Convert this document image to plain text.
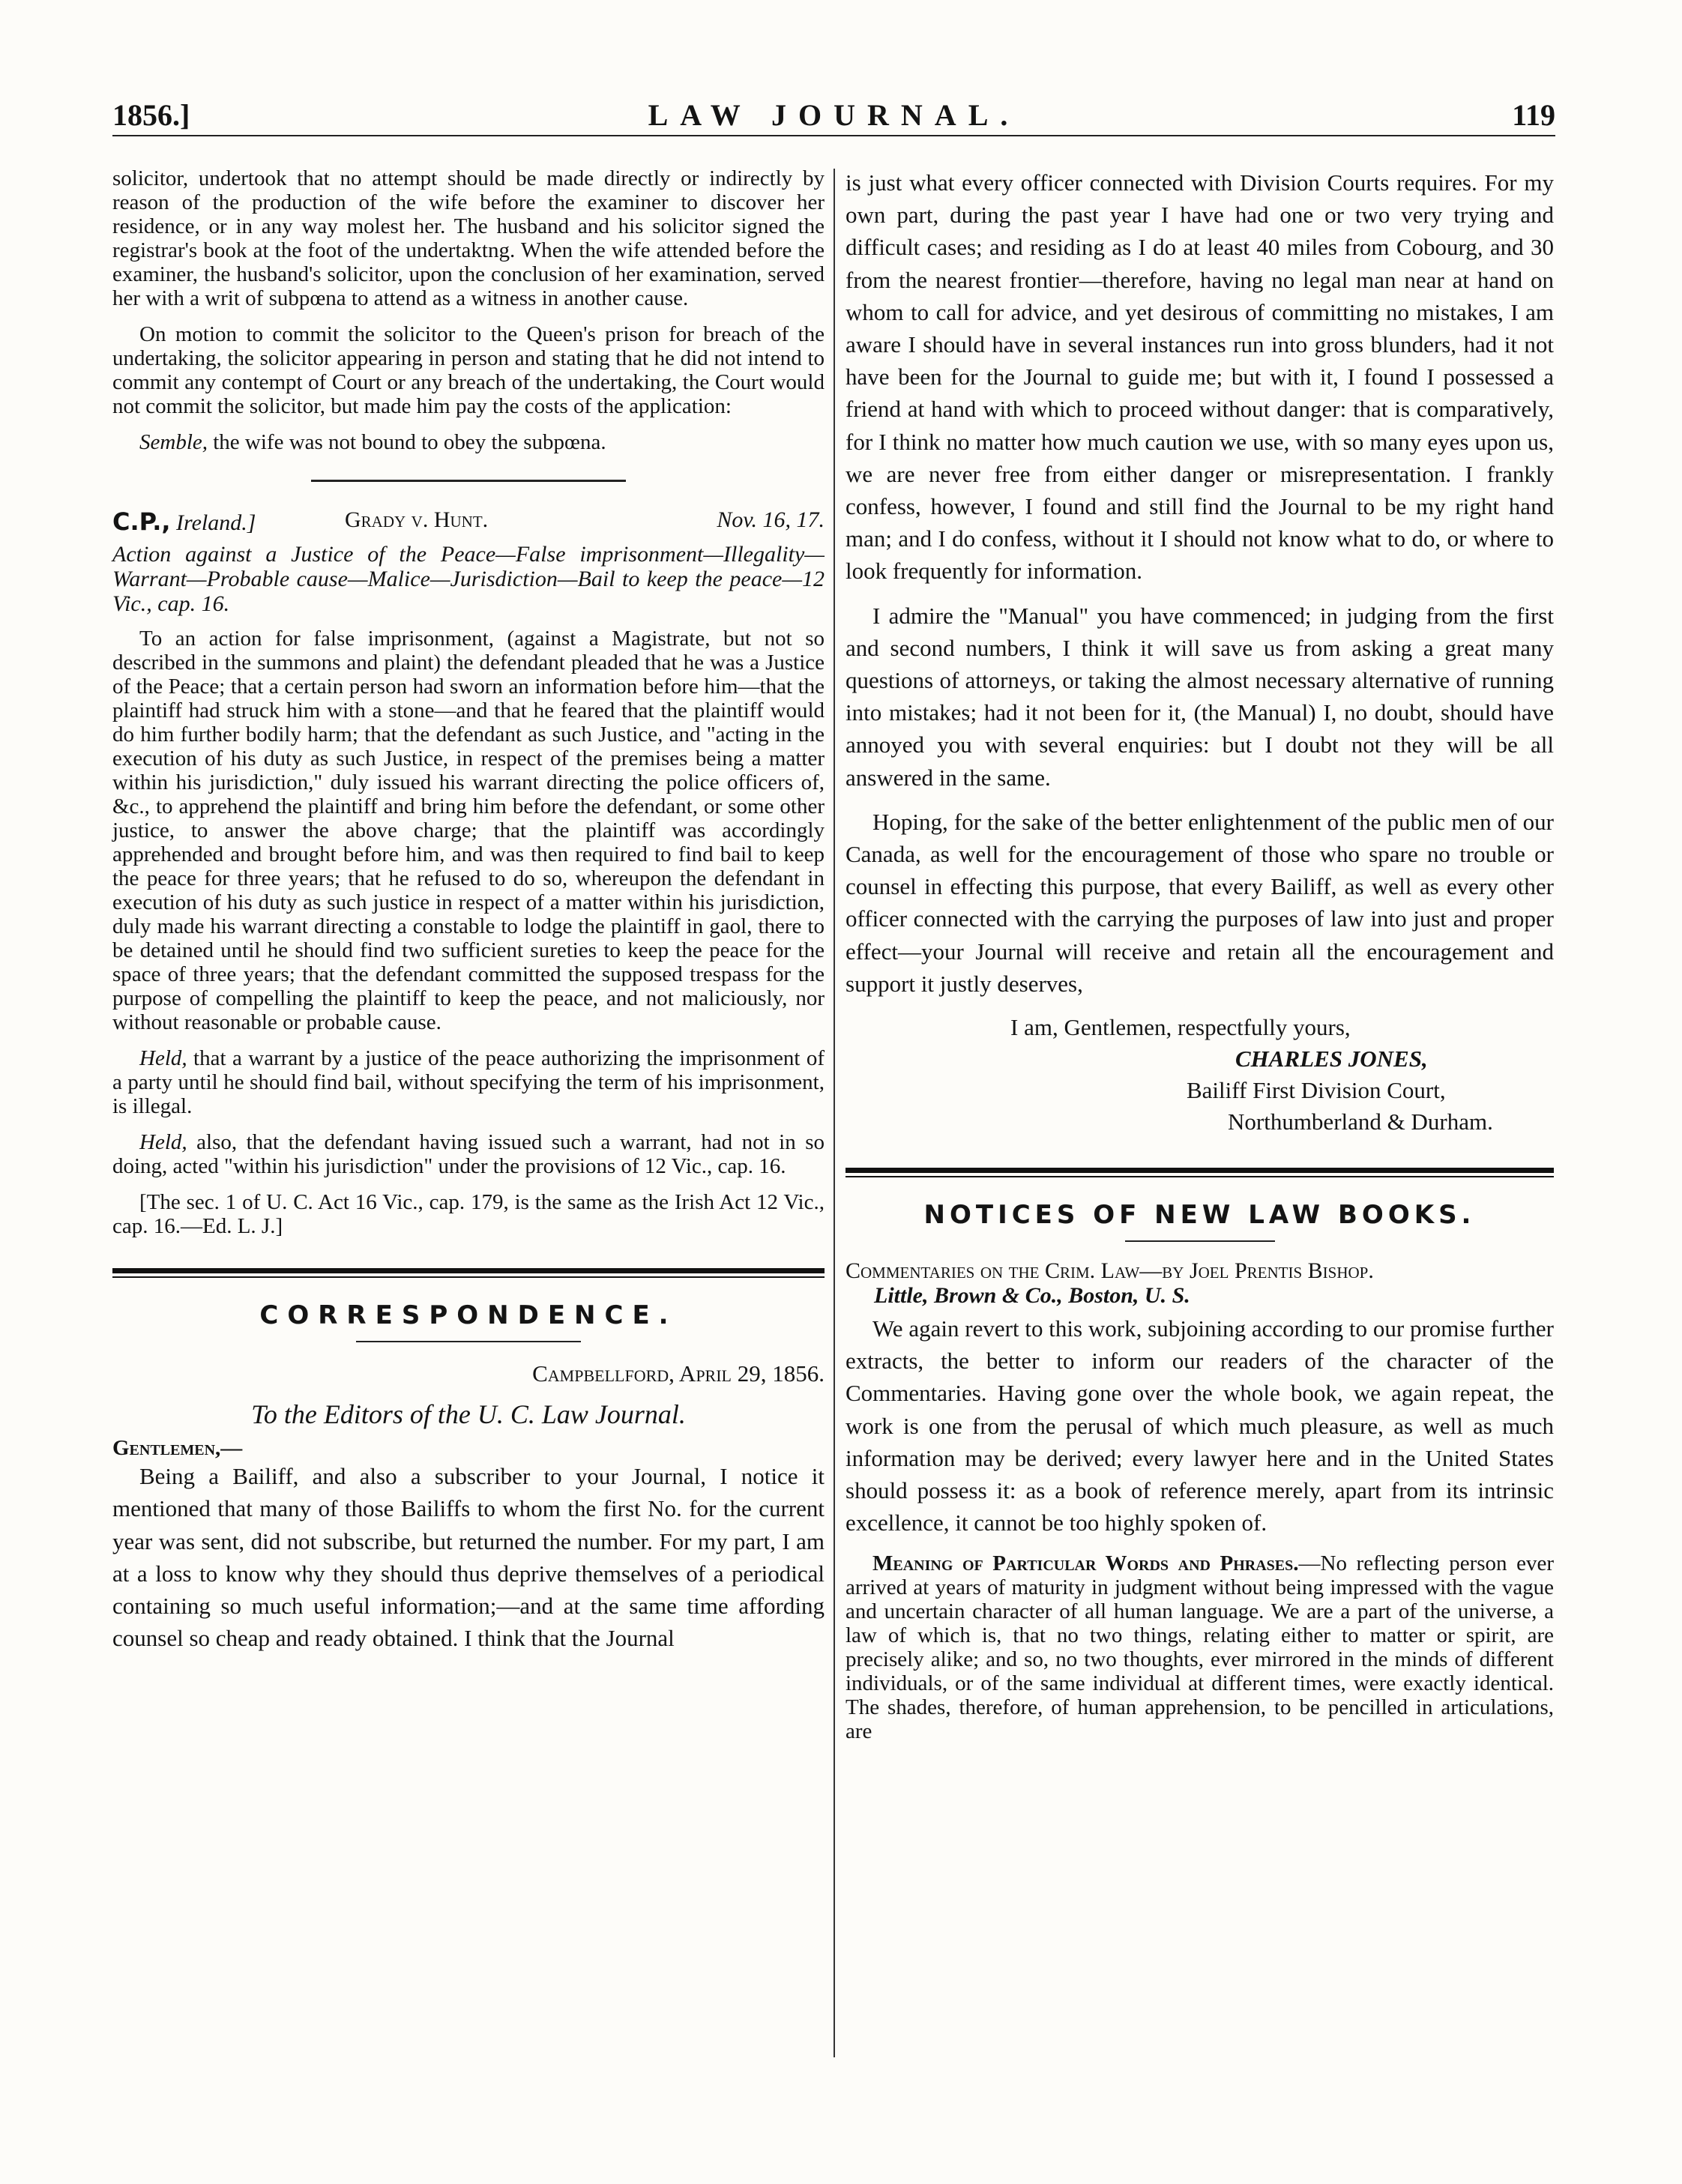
1856.]	LAW JOURNAL.	119

solicitor, undertook that no attempt should be made directly or indirectly by reason of the production of the wife before the examiner to discover her residence, or in any way molest her. The husband and his solicitor signed the registrar's book at the foot of the undertaktng. When the wife attended before the examiner, the husband's solicitor, upon the conclusion of her examination, served her with a writ of subpœna to attend as a witness in another cause.

On motion to commit the solicitor to the Queen's prison for breach of the undertaking, the solicitor appearing in person and stating that he did not intend to commit any contempt of Court or any breach of the undertaking, the Court would not commit the solicitor, but made him pay the costs of the application:

Semble, the wife was not bound to obey the subpœna.

C.P., Ireland.]	Grady v. Hunt.	Nov. 16, 17.

Action against a Justice of the Peace—False imprisonment—Illegality—Warrant—Probable cause—Malice—Jurisdiction—Bail to keep the peace—12 Vic., cap. 16.

To an action for false imprisonment, (against a Magistrate, but not so described in the summons and plaint) the defendant pleaded that he was a Justice of the Peace; that a certain person had sworn an information before him—that the plaintiff had struck him with a stone—and that he feared that the plaintiff would do him further bodily harm; that the defendant as such Justice, and "acting in the execution of his duty as such Justice, in respect of the premises being a matter within his jurisdiction," duly issued his warrant directing the police officers of, &c., to apprehend the plaintiff and bring him before the defendant, or some other justice, to answer the above charge; that the plaintiff was accordingly apprehended and brought before him, and was then required to find bail to keep the peace for three years; that he refused to do so, whereupon the defendant in execution of his duty as such justice in respect of a matter within his jurisdiction, duly made his warrant directing a constable to lodge the plaintiff in gaol, there to be detained until he should find two sufficient sureties to keep the peace for the space of three years; that the defendant committed the supposed trespass for the purpose of compelling the plaintiff to keep the peace, and not maliciously, nor without reasonable or probable cause.

Held, that a warrant by a justice of the peace authorizing the imprisonment of a party until he should find bail, without specifying the term of his imprisonment, is illegal.

Held, also, that the defendant having issued such a warrant, had not in so doing, acted "within his jurisdiction" under the provisions of 12 Vic., cap. 16.

[The sec. 1 of U. C. Act 16 Vic., cap. 179, is the same as the Irish Act 12 Vic., cap. 16.—Ed. L. J.]

CORRESPONDENCE.

Campbellford, April 29, 1856.

To the Editors of the U. C. Law Journal.

Gentlemen,—

Being a Bailiff, and also a subscriber to your Journal, I notice it mentioned that many of those Bailiffs to whom the first No. for the current year was sent, did not subscribe, but returned the number. For my part, I am at a loss to know why they should thus deprive themselves of a periodical containing so much useful information;—and at the same time affording counsel so cheap and ready obtained. I think that the Journal

is just what every officer connected with Division Courts requires. For my own part, during the past year I have had one or two very trying and difficult cases; and residing as I do at least 40 miles from Cobourg, and 30 from the nearest frontier—therefore, having no legal man near at hand on whom to call for advice, and yet desirous of committing no mistakes, I am aware I should have in several instances run into gross blunders, had it not have been for the Journal to guide me; but with it, I found I possessed a friend at hand with which to proceed without danger: that is comparatively, for I think no matter how much caution we use, with so many eyes upon us, we are never free from either danger or misrepresentation. I frankly confess, however, I found and still find the Journal to be my right hand man; and I do confess, without it I should not know what to do, or where to look frequently for information.

I admire the "Manual" you have commenced; in judging from the first and second numbers, I think it will save us from asking a great many questions of attorneys, or taking the almost necessary alternative of running into mistakes; had it not been for it, (the Manual) I, no doubt, should have annoyed you with several enquiries: but I doubt not they will be all answered in the same.

Hoping, for the sake of the better enlightenment of the public men of our Canada, as well for the encouragement of those who spare no trouble or counsel in effecting this purpose, that every Bailiff, as well as every other officer connected with the carrying the purposes of law into just and proper effect—your Journal will receive and retain all the encouragement and support it justly deserves,

I am, Gentlemen, respectfully yours,
CHARLES JONES,
Bailiff First Division Court,
Northumberland & Durham.
NOTICES OF NEW LAW BOOKS.

Commentaries on the Crim. Law—by Joel Prentis Bishop.
Little, Brown & Co., Boston, U. S.

We again revert to this work, subjoining according to our promise further extracts, the better to inform our readers of the character of the Commentaries. Having gone over the whole book, we again repeat, the work is one from the perusal of which much pleasure, as well as much information may be derived; every lawyer here and in the United States should possess it: as a book of reference merely, apart from its intrinsic excellence, it cannot be too highly spoken of.

Meaning of Particular Words and Phrases.—No reflecting person ever arrived at years of maturity in judgment without being impressed with the vague and uncertain character of all human language. We are a part of the universe, a law of which is, that no two things, relating either to matter or spirit, are precisely alike; and so, no two thoughts, ever mirrored in the minds of different individuals, or of the same individual at different times, were exactly identical. The shades, therefore, of human apprehension, to be pencilled in articulations, are
